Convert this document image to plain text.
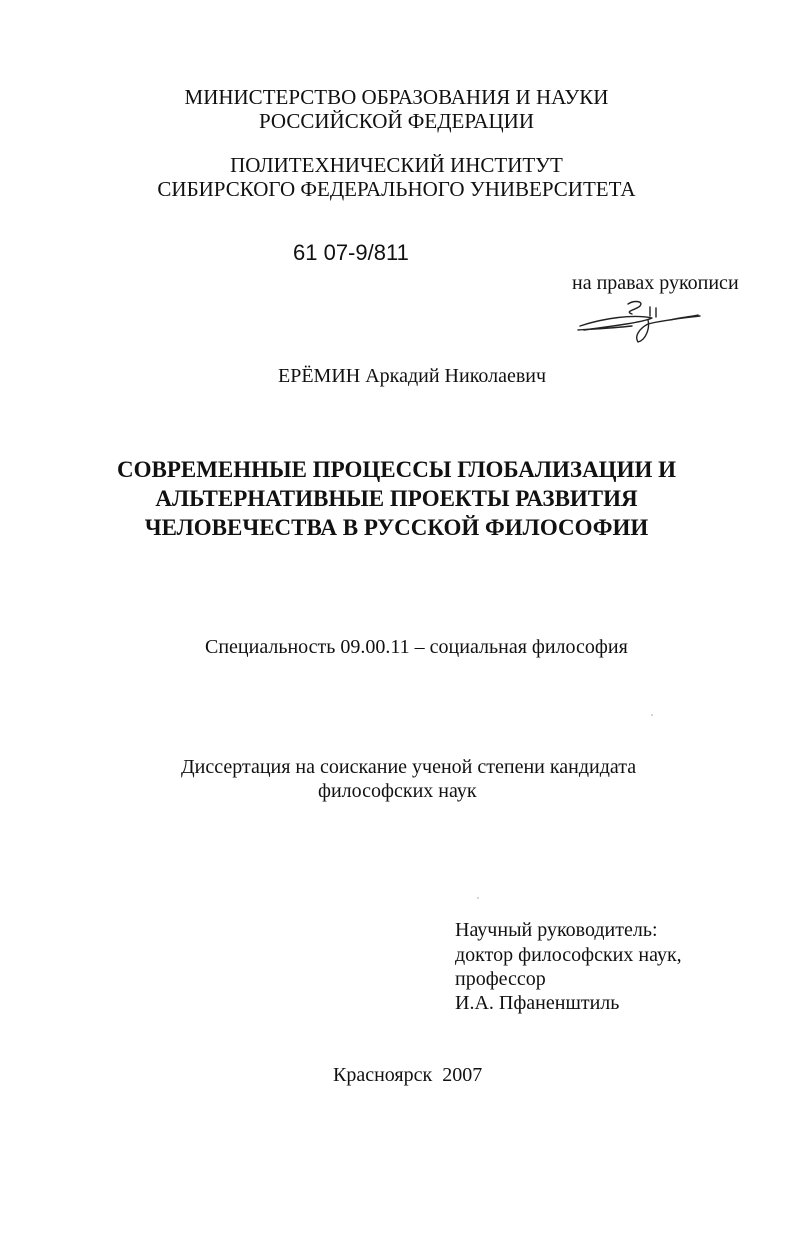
МИНИСТЕРСТВО ОБРАЗОВАНИЯ И НАУКИ
РОССИЙСКОЙ ФЕДЕРАЦИИ
ПОЛИТЕХНИЧЕСКИЙ ИНСТИТУТ
СИБИРСКОГО ФЕДЕРАЛЬНОГО УНИВЕРСИТЕТА
61 07-9/811
на правах рукописи
ЕРЁМИН Аркадий Николаевич
СОВРЕМЕННЫЕ ПРОЦЕССЫ ГЛОБАЛИЗАЦИИ И
АЛЬТЕРНАТИВНЫЕ ПРОЕКТЫ РАЗВИТИЯ
ЧЕЛОВЕЧЕСТВА В РУССКОЙ ФИЛОСОФИИ
Специальность 09.00.11 – социальная философия
Диссертация на соискание ученой степени кандидата
философских наук
Научный руководитель:
доктор философских наук,
профессор
И.А. Пфаненштиль
Красноярск  2007
